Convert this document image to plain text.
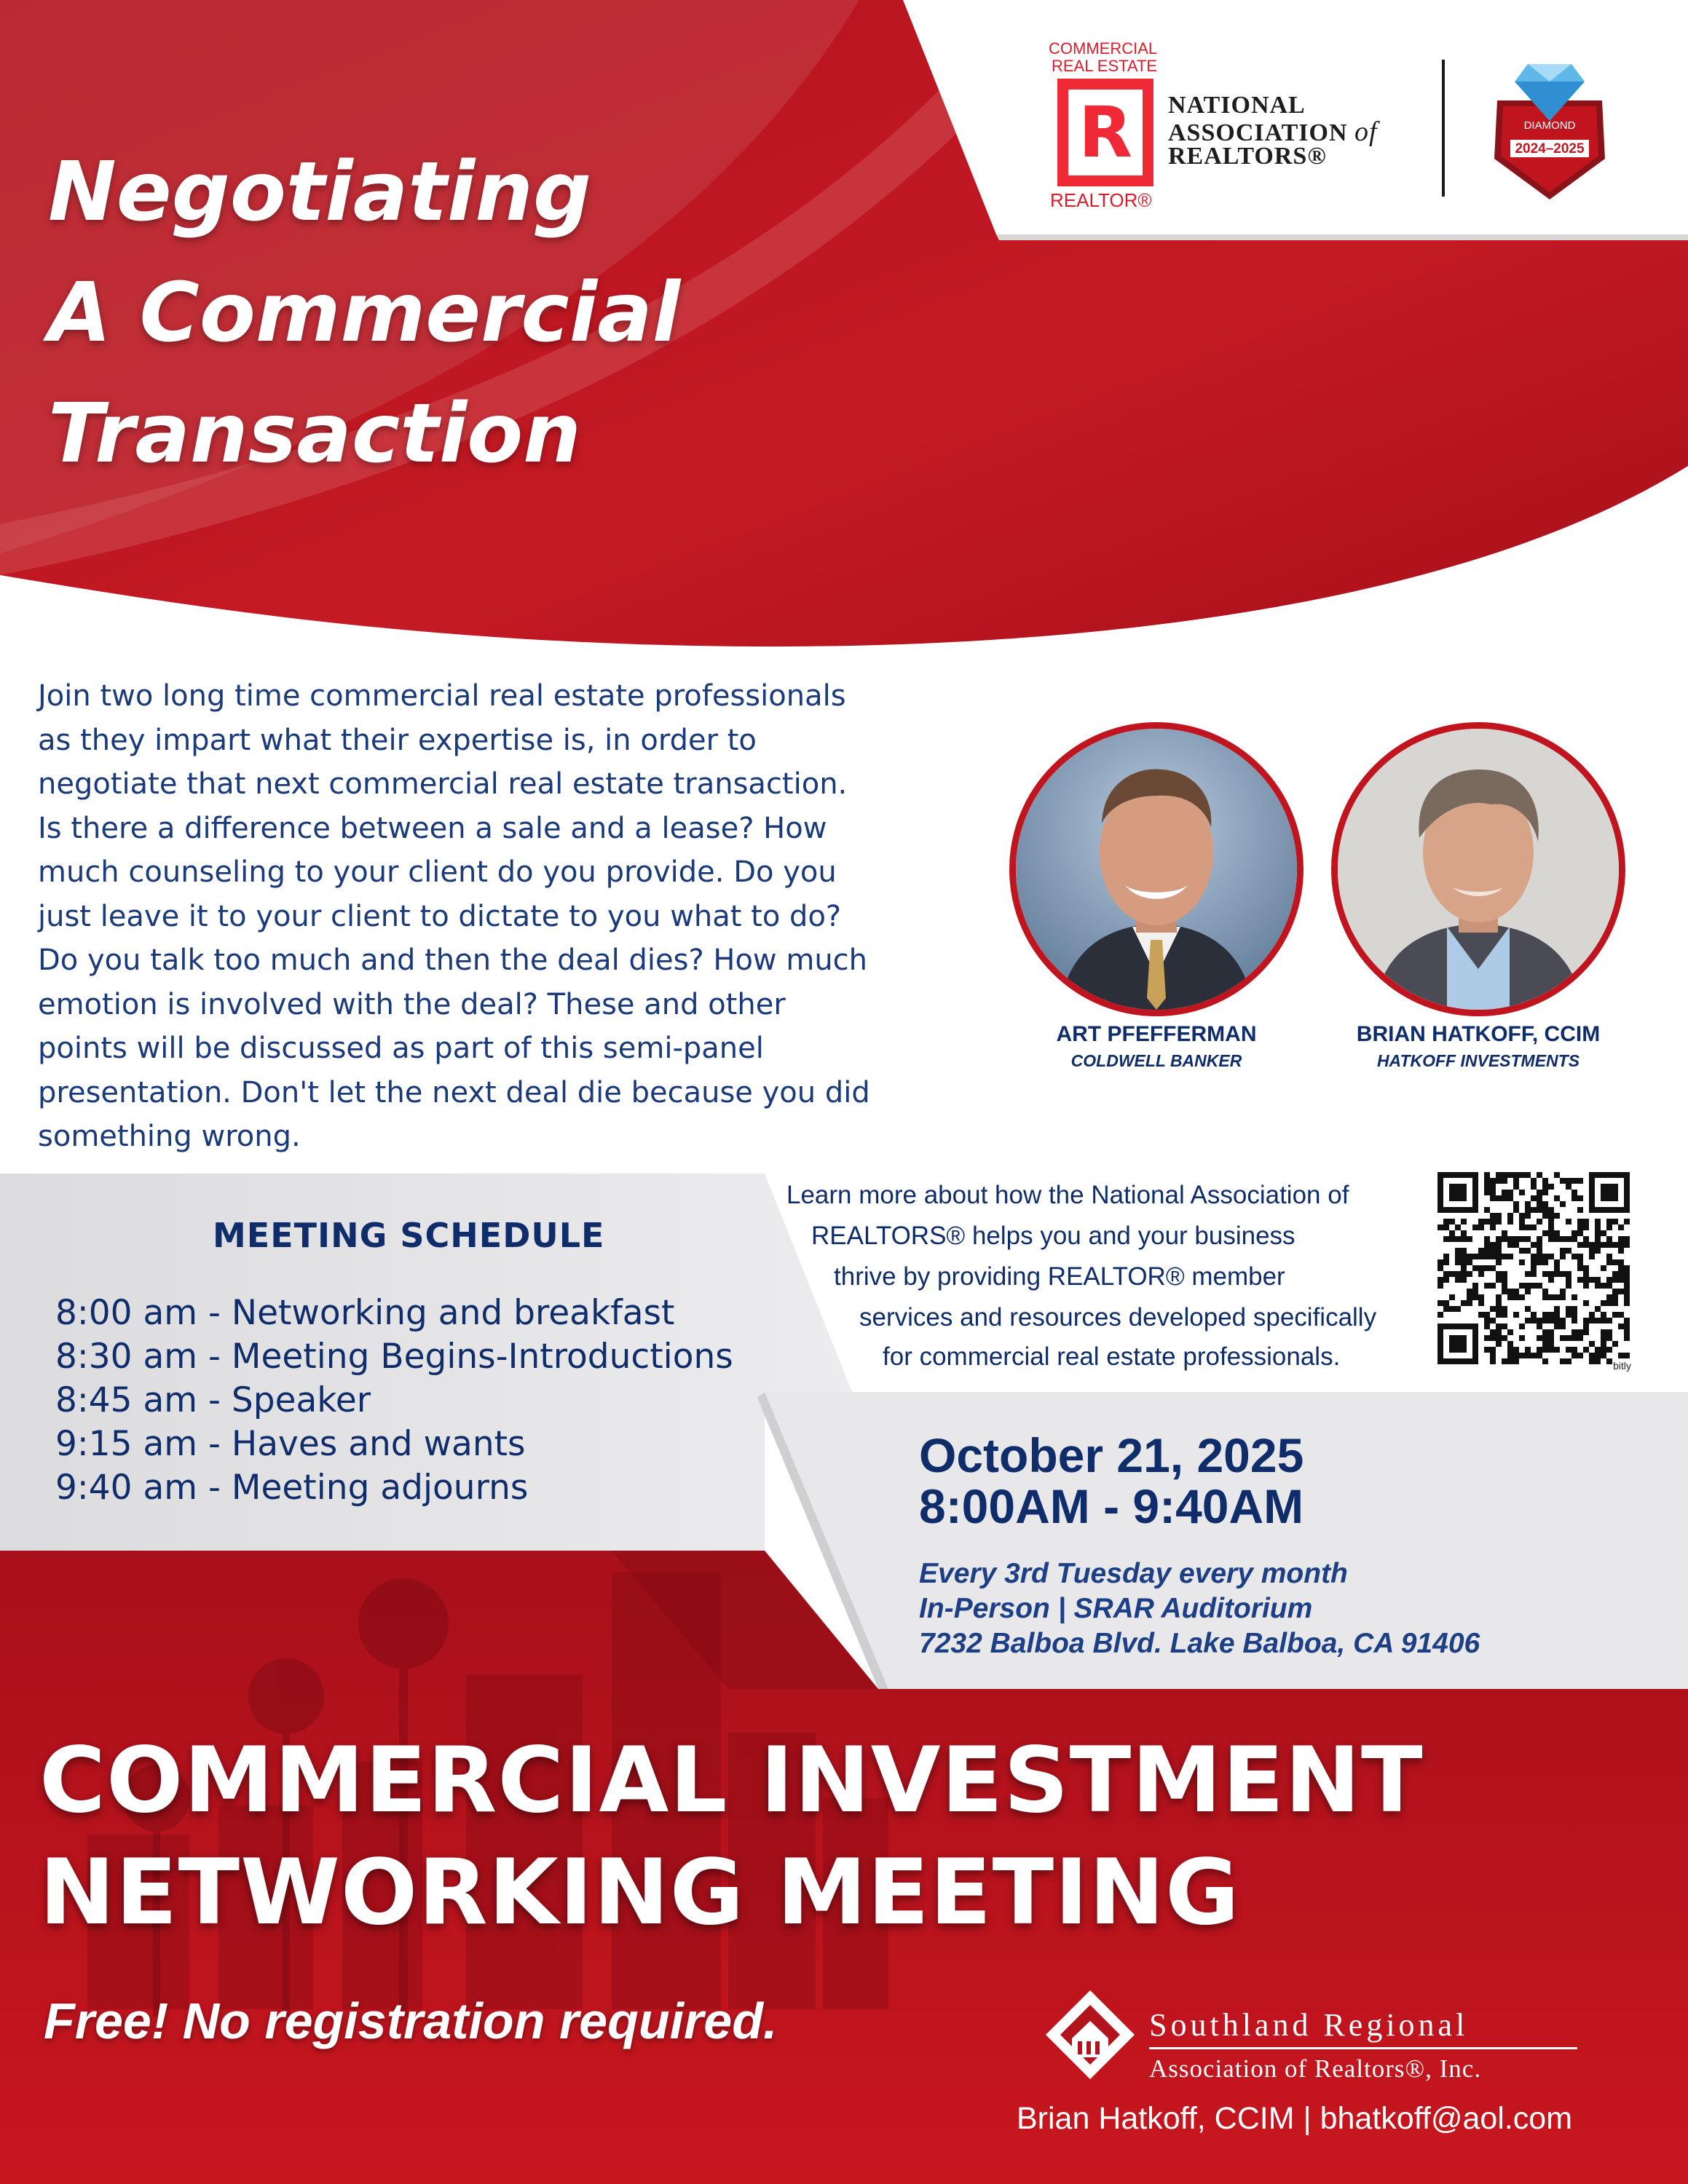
Negotiating
A Commercial
Transaction
COMMERCIAL
REAL ESTATE
R
REALTOR®
NATIONAL
ASSOCIATION of
REALTORS®
DIAMOND
2024–2025

Join two long time commercial real estate professionals

as they impart what their expertise is, in order to

negotiate that next commercial real estate transaction.

Is there a difference between a sale and a lease? How

much counseling to your client do you provide. Do you

just leave it to your client to dictate to you what to do?

Do you talk too much and then the deal dies? How much

emotion is involved with the deal? These and other

points will be discussed as part of this semi-panel

presentation. Don't let the next deal die because you did

something wrong.

ART PFEFFERMAN
COLDWELL BANKER
BRIAN HATKOFF, CCIM
HATKOFF INVESTMENTS
MEETING SCHEDULE
8:00 am - Networking and breakfast
8:30 am - Meeting Begins-Introductions
8:45 am - Speaker
9:15 am - Haves and wants
9:40 am - Meeting adjourns
Learn more about how the National Association of
REALTORS® helps you and your business
thrive by providing REALTOR® member
services and resources developed specifically
for commercial real estate professionals.	bitly
October 21, 2025
8:00AM - 9:40AM
Every 3rd Tuesday every month
In-Person | SRAR Auditorium
7232 Balboa Blvd. Lake Balboa, CA 91406
COMMERCIAL INVESTMENT
NETWORKING MEETING
Free! No registration required.	Southland Regional
Association of Realtors®, Inc.
Brian Hatkoff, CCIM | bhatkoff@aol.com
